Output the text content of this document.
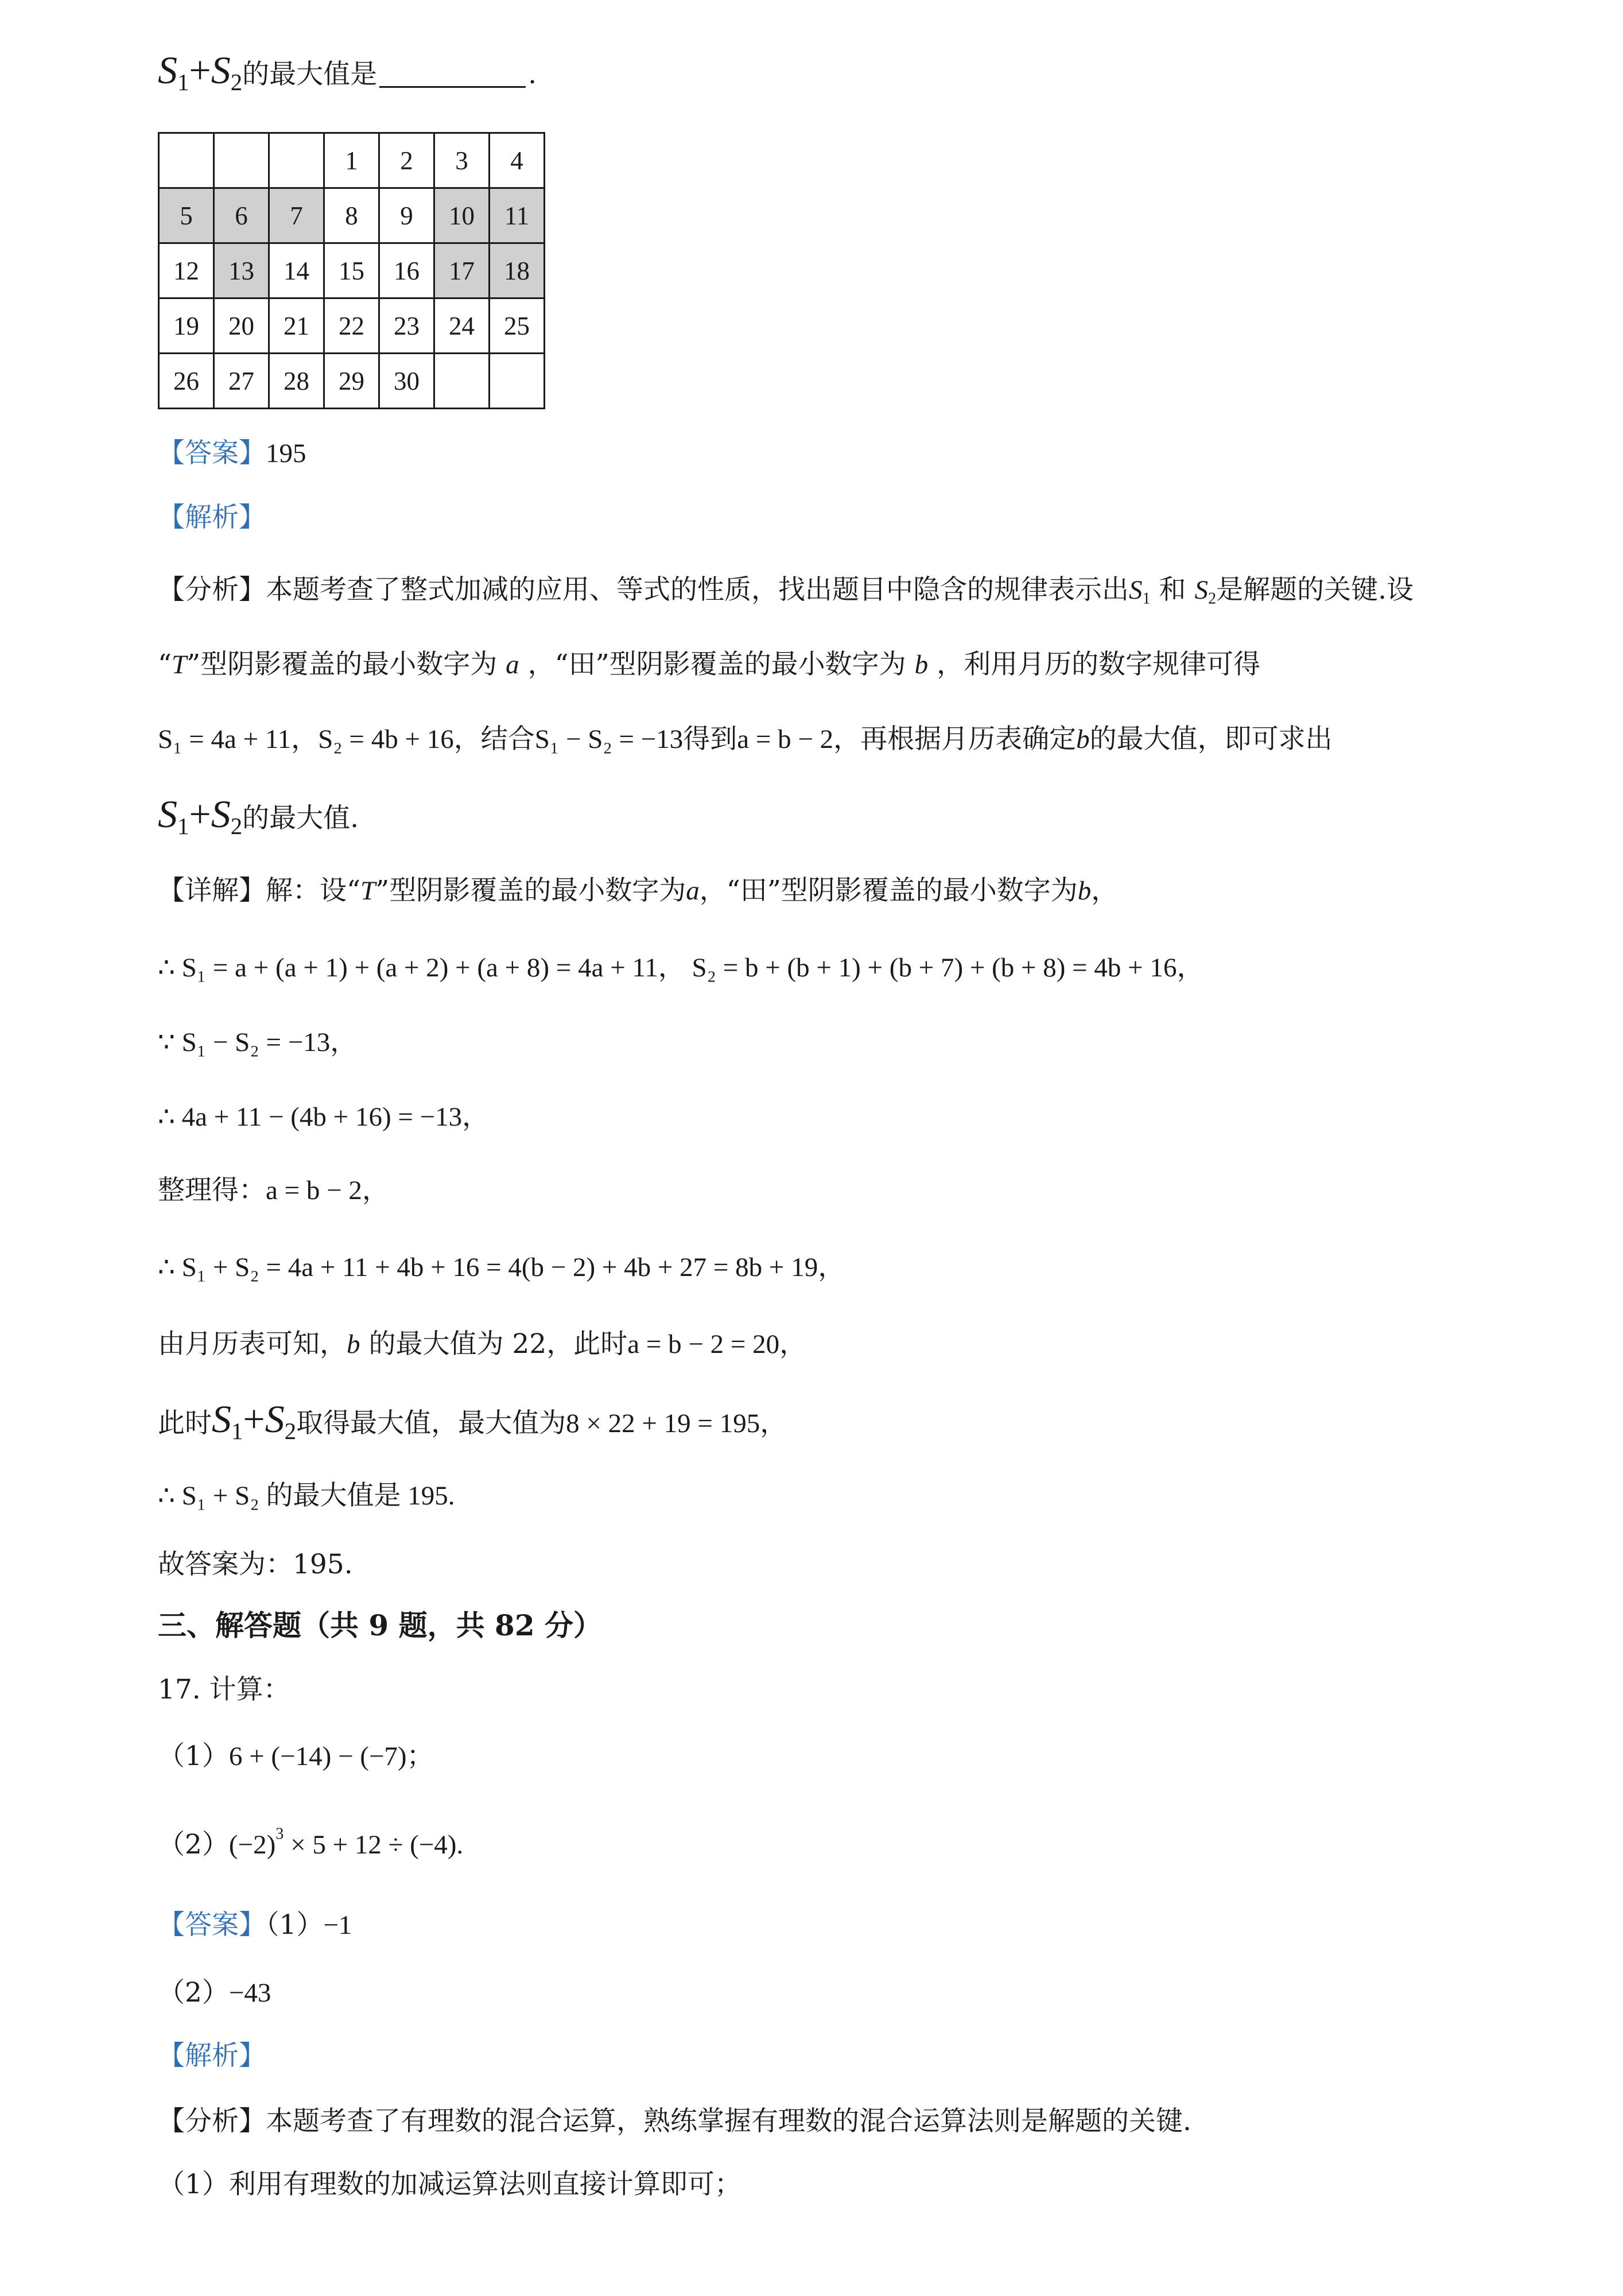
$S_1+S_2$的最大值是	.

			1	2	3	4
5	6	7	8	9	10	11
12	13	14	15	16	17	18
19	20	21	22	23	24	25
26	27	28	29	30		

【答案】195

【解析】

【分析】本题考查了整式加减的应用、等式的性质，找出题目中隐含的规律表示出$S_1$ 和 $S_2$是解题的关键.设

“T”型阴影覆盖的最小数字为 a ，“田”型阴影覆盖的最小数字为 b ，利用月历的数字规律可得

S₁ = 4a + 11，S₂ = 4b + 16，结合S₁ − S₂ = −13得到a = b − 2，再根据月历表确定b的最大值，即可求出

$S_1+S_2$的最大值.

【详解】解：设“T”型阴影覆盖的最小数字为a，“田”型阴影覆盖的最小数字为b，

∴ S₁ = a + (a + 1) + (a + 2) + (a + 8) = 4a + 11， S₂ = b + (b + 1) + (b + 7) + (b + 8) = 4b + 16，

∵ S₁ − S₂ = −13，

∴ 4a + 11 − (4b + 16) = −13，

整理得：a = b − 2，

∴ S₁ + S₂ = 4a + 11 + 4b + 16 = 4(b − 2) + 4b + 27 = 8b + 19，

由月历表可知，b 的最大值为 22，此时a = b − 2 = 20，

此时$S_1+S_2$取得最大值，最大值为8 × 22 + 19 = 195，

∴ S₁ + S₂ 的最大值是 195.

故答案为：195.

三、解答题（共 9 题，共 82 分）

17. 计算：

（1）6 + (−14) − (−7)；

$(2)(-2)^3 \times 5 + 12 \div (-4)$.

【答案】（1）−1

（2）−43

【解析】

【分析】本题考查了有理数的混合运算，熟练掌握有理数的混合运算法则是解题的关键.

（1）利用有理数的加减运算法则直接计算即可；
